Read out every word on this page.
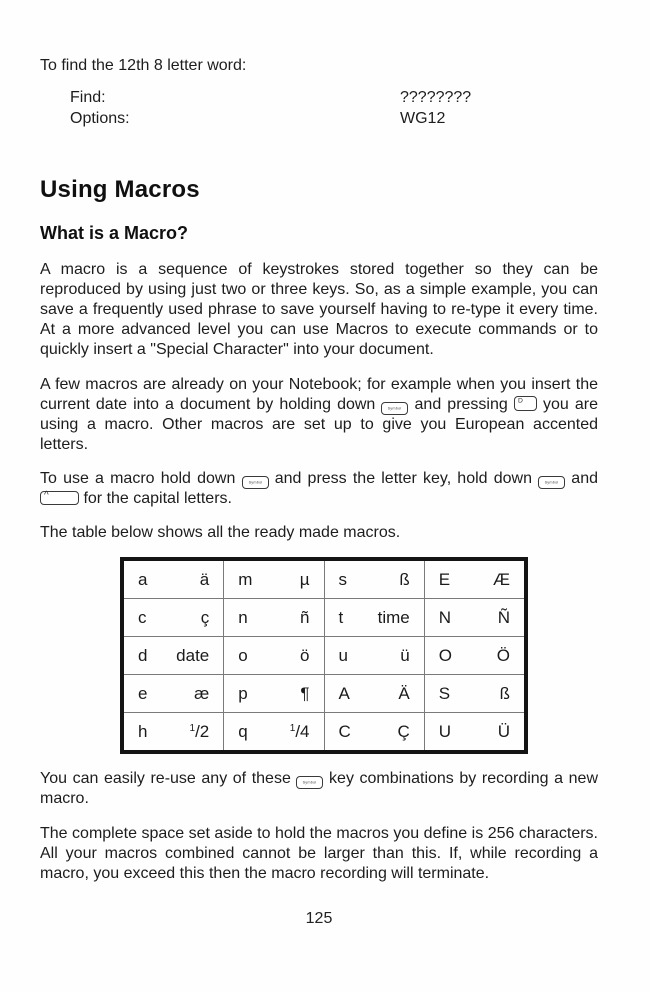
To find the 12th 8 letter word:

Find:	????????
Options:	WG12
Using Macros
What is a Macro?

A macro is a sequence of keystrokes stored together so they can be reproduced by using just two or three keys. So, as a simple example, you can save a frequently used phrase to save yourself having to re-type it every time. At a more advanced level you can use Macros to execute commands or to quickly insert a "Special Character" into your document.

A few macros are already on your Notebook; for example when you insert the current date into a document by holding down Symbol and pressing D you are using a macro. Other macros are set up to give you European accented letters.

To use a macro hold down Symbol and press the letter key, hold down Symbol and
^ for the capital letters.

The table below shows all the ready made macros.

a	ä m	µ s	ß E	Æ
c	ç n	ñ t time N	Ñ
d date o	ö u	ü O	Ö
e	æ p	¶ A	Ä S	ß
h	$^1$/2 q	$^1$/4 C	Ç U	Ü

You can easily re-use any of these Symbol key combinations by recording a new macro.

The complete space set aside to hold the macros you define is 256 characters. All your macros combined cannot be larger than this. If, while recording a macro, you exceed this then the macro recording will terminate.

125
